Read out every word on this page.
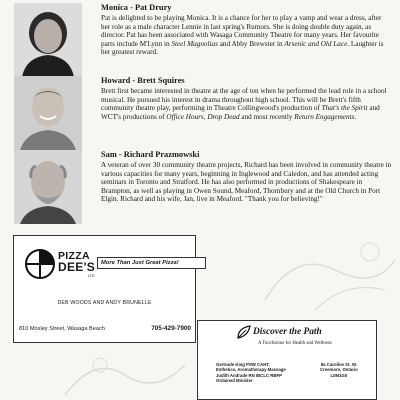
Monica - Pat Drury

Pat is delighted to be playing Monica. It is a chance for her to play a vamp and wear a dress, after her role as a male character Lennie in last spring's Rumors. She is doing double duty again, as director. Pat has been associated with Wasaga Community Theatre for many years. Her favourite parts include M'Lynn in Steel Magnolias and Abby Brewster in Arsenic and Old Lace. Laughter is her greatest reward.

Howard - Brett Squires

Brett first became interested in theatre at the age of ten when he performed the lead role in a school musical. He pursued his interest in drama throughout high school. This will be Brett's fifth community theatre play, performing in Theatre Collingwood's production of That's the Spirit and WCT's productions of Office Hours, Drop Dead and most recently Return Engagements.

Sam - Richard Prazmowski

A veteran of over 30 community theatre projects, Richard has been involved in community theatre in various capacities for many years, beginning in Inglewood and Caledon, and has attended acting seminars in Toronto and Stratford. He has also performed in productions of Shakespeare in Brampton, as well as playing in Owen Sound, Meaford, Thornbury and at the Old Church in Port Elgin. Richard and his wife, Jan, live in Meaford. "Thank you for believing!"

PIZZA
DEE'S
LTD.
More Than Just Great Pizza!
DEB WOODS AND ANDY BRUNELLE
810 Mosley Street, Wasaga Beach	705-429-7900	Discover the Path
A Touchstone for Health and Wellness
Gertrude King PSW CAHT,
Esthetics, Aromatherapy Massage
Judith Andrade RN IBCLC RBFP
Ordained Minister
8a Caroline St. W.
Creemore, Ontario
L0M1G0
